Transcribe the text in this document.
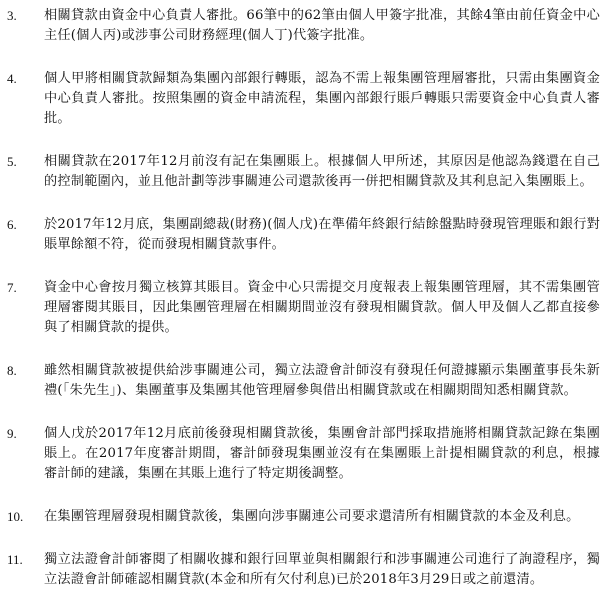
3. 相關貸款由資金中心負責人審批。66筆中的62筆由個人甲簽字批准，其餘4筆由前任資金中心主任(個人丙)或涉事公司財務經理(個人丁)代簽字批准。
4. 個人甲將相關貸款歸類為集團內部銀行轉賬，認為不需上報集團管理層審批，只需由集團資金中心負責人審批。按照集團的資金申請流程，集團內部銀行賬戶轉賬只需要資金中心負責人審批。
5. 相關貸款在2017年12月前沒有記在集團賬上。根據個人甲所述，其原因是他認為錢還在自己的控制範圍內，並且他計劃等涉事關連公司還款後再一併把相關貸款及其利息記入集團賬上。
6. 於2017年12月底，集團副總裁(財務)(個人戊)在準備年終銀行結餘盤點時發現管理賬和銀行對賬單餘額不符，從而發現相關貸款事件。
7. 資金中心會按月獨立核算其賬目。資金中心只需提交月度報表上報集團管理層，其不需集團管理層審閱其賬目，因此集團管理層在相關期間並沒有發現相關貸款。個人甲及個人乙都直接參與了相關貸款的提供。
8. 雖然相關貸款被提供給涉事關連公司，獨立法證會計師沒有發現任何證據顯示集團董事長朱新禮(「朱先生」)、集團董事及集團其他管理層參與借出相關貸款或在相關期間知悉相關貸款。
9. 個人戊於2017年12月底前後發現相關貸款後，集團會計部門採取措施將相關貸款記錄在集團賬上。在2017年度審計期間，審計師發現集團並沒有在集團賬上計提相關貸款的利息，根據審計師的建議，集團在其賬上進行了特定期後調整。
10. 在集團管理層發現相關貸款後，集團向涉事關連公司要求還清所有相關貸款的本金及利息。
11. 獨立法證會計師審閱了相關收據和銀行回單並與相關銀行和涉事關連公司進行了詢證程序，獨立法證會計師確認相關貸款(本金和所有欠付利息)已於2018年3月29日或之前還清。
